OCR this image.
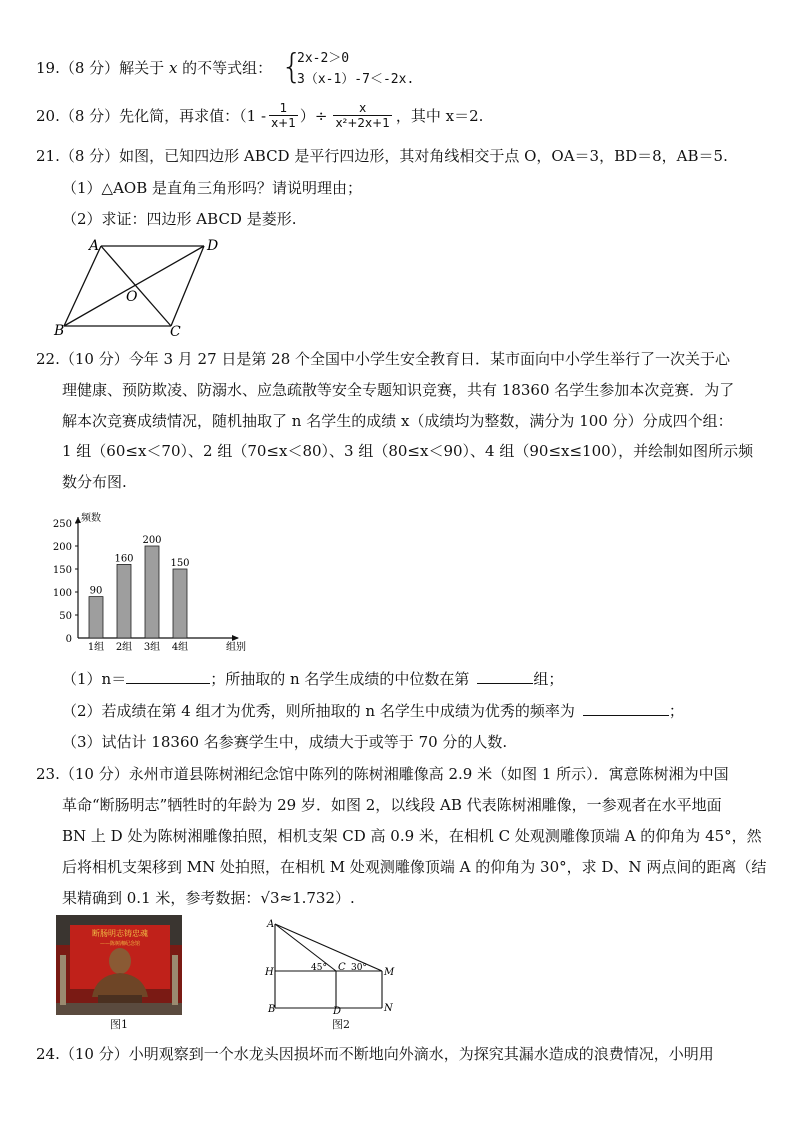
19.（8 分）解关于 x 的不等式组： {
2x-2＞0
3（x-1）-7＜-2x.
20.（8 分）先化简，再求值：（$1 - \frac{1}{x+1}$ ）÷ $\frac{x}{\text{x²+2x+1}}$ ，其中 x＝2.
21.（8 分）如图，已知四边形 ABCD 是平行四边形，其对角线相交于点 O，OA＝3，BD＝8，AB＝5.
（1）△AOB 是直角三角形吗？请说明理由；
（2）求证：四边形 ABCD 是菱形.
A	D
B	C
O
22.（10 分）今年 3 月 27 日是第 28 个全国中小学生安全教育日．某市面向中小学生举行了一次关于心
理健康、预防欺凌、防溺水、应急疏散等安全专题知识竞赛，共有 18360 名学生参加本次竞赛．为了
解本次竞赛成绩情况，随机抽取了 n 名学生的成绩 x（成绩均为整数，满分为 100 分）分成四个组：
1 组（60≤x＜70）、2 组（70≤x＜80）、3 组（80≤x＜90）、4 组（90≤x≤100），并绘制如图所示频
数分布图.
频数
组别
0
50
100
150
200
250
90
1组
160
2组
200
3组
150
4组
（1）n＝	；所抽取的 n 名学生成绩的中位数在第	组；
（2）若成绩在第 4 组才为优秀，则所抽取的 n 名学生中成绩为优秀的频率为	；
（3）试估计 18360 名参赛学生中，成绩大于或等于 70 分的人数.
23.（10 分）永州市道县陈树湘纪念馆中陈列的陈树湘雕像高 2.9 米（如图 1 所示）．寓意陈树湘为中国
革命“断肠明志”牺牲时的年龄为 29 岁．如图 2，以线段 AB 代表陈树湘雕像，一参观者在水平地面
BN 上 D 处为陈树湘雕像拍照，相机支架 CD 高 0.9 米，在相机 C 处观测雕像顶端 A 的仰角为 45°，然
后将相机支架移到 MN 处拍照，在相机 M 处观测雕像顶端 A 的仰角为 30°，求 D、N 两点间的距离（结
果精确到 0.1 米，参考数据：√3≈1.732）.
断肠明志铸忠魂
——陈树湘纪念馆
图1
A
H
B	D
C	M
N
45°	30°
图2
24.（10 分）小明观察到一个水龙头因损坏而不断地向外滴水，为探究其漏水造成的浪费情况，小明用
